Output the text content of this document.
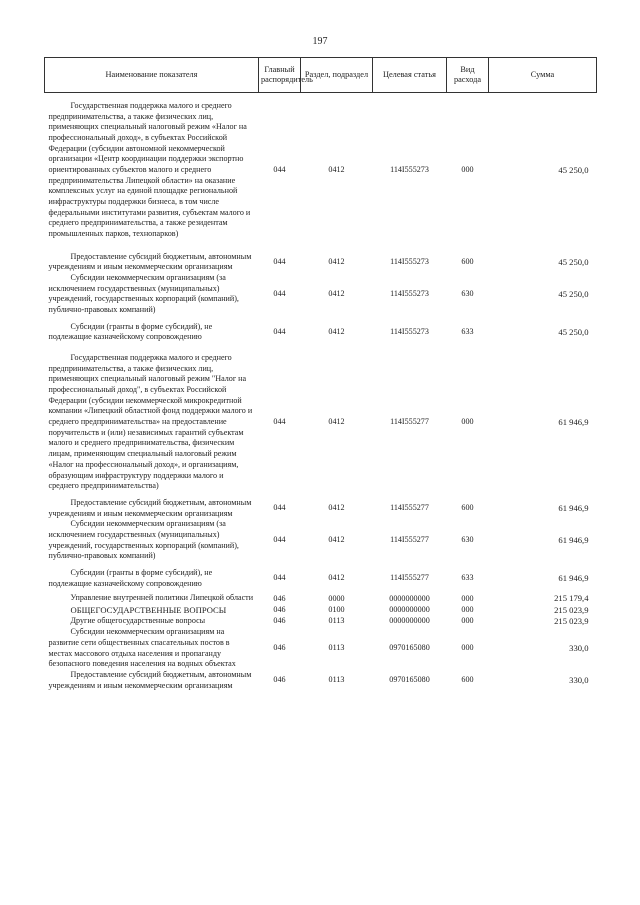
197
Наименование показателя	Главный распорядитель	Раздел, подраздел	Целевая статья	Вид расхода	Сумма

Государственная поддержка малого и среднего предпринимательства, а также физических лиц, применяющих специальный налоговый режим «Налог на профессиональный доход», в субъектах Российской Федерации (субсидии автономной некоммерческой организации «Центр координации поддержки экспортно ориентированных субъектов малого и среднего предпринимательства Липецкой области» на оказание комплексных услуг на единой площадке региональной инфраструктуры поддержки бизнеса, в том числе федеральными институтами развития, субъектам малого и среднего предпринимательства, а также резидентам промышленных парков, технопарков)	044	0412	114I555273	000	45 250,0

Предоставление субсидий бюджетным, автономным учреждениям и иным некоммерческим организациям	044	0412	114I555273	600	45 250,0

Субсидии некоммерческим организациям (за исключением государственных (муниципальных) учреждений, государственных корпораций (компаний), публично-правовых компаний)	044	0412	114I555273	630	45 250,0

Субсидии (гранты в форме субсидий), не подлежащие казначейскому сопровождению	044	0412	114I555273	633	45 250,0

Государственная поддержка малого и среднего предпринимательства, а также физических лиц, применяющих специальный налоговый режим "Налог на профессиональный доход", в субъектах Российской Федерации (субсидии некоммерческой микрокредитной компании «Липецкий областной фонд поддержки малого и среднего предпринимательства» на предоставление поручительств и (или) независимых гарантий субъектам малого и среднего предпринимательства, физическим лицам, применяющим специальный налоговый режим «Налог на профессиональный доход», и организациям, образующим инфраструктуру поддержки малого и среднего предпринимательства)	044	0412	114I555277	000	61 946,9

Предоставление субсидий бюджетным, автономным учреждениям и иным некоммерческим организациям	044	0412	114I555277	600	61 946,9

Субсидии некоммерческим организациям (за исключением государственных (муниципальных) учреждений, государственных корпораций (компаний), публично-правовых компаний)	044	0412	114I555277	630	61 946,9

Субсидии (гранты в форме субсидий), не подлежащие казначейскому сопровождению	044	0412	114I555277	633	61 946,9

Управление внутренней политики Липецкой области	046	0000	0000000000	000	215 179,4

ОБЩЕГОСУДАРСТВЕННЫЕ ВОПРОСЫ	046	0100	0000000000	000	215 023,9

Другие общегосударственные вопросы	046	0113	0000000000	000	215 023,9

Субсидии некоммерческим организациям на развитие сети общественных спасательных постов в местах массового отдыха населения и пропаганду безопасного поведения населения на водных объектах	046	0113	0970165080	000	330,0

Предоставление субсидий бюджетным, автономным учреждениям и иным некоммерческим организациям	046	0113	0970165080	600	330,0
